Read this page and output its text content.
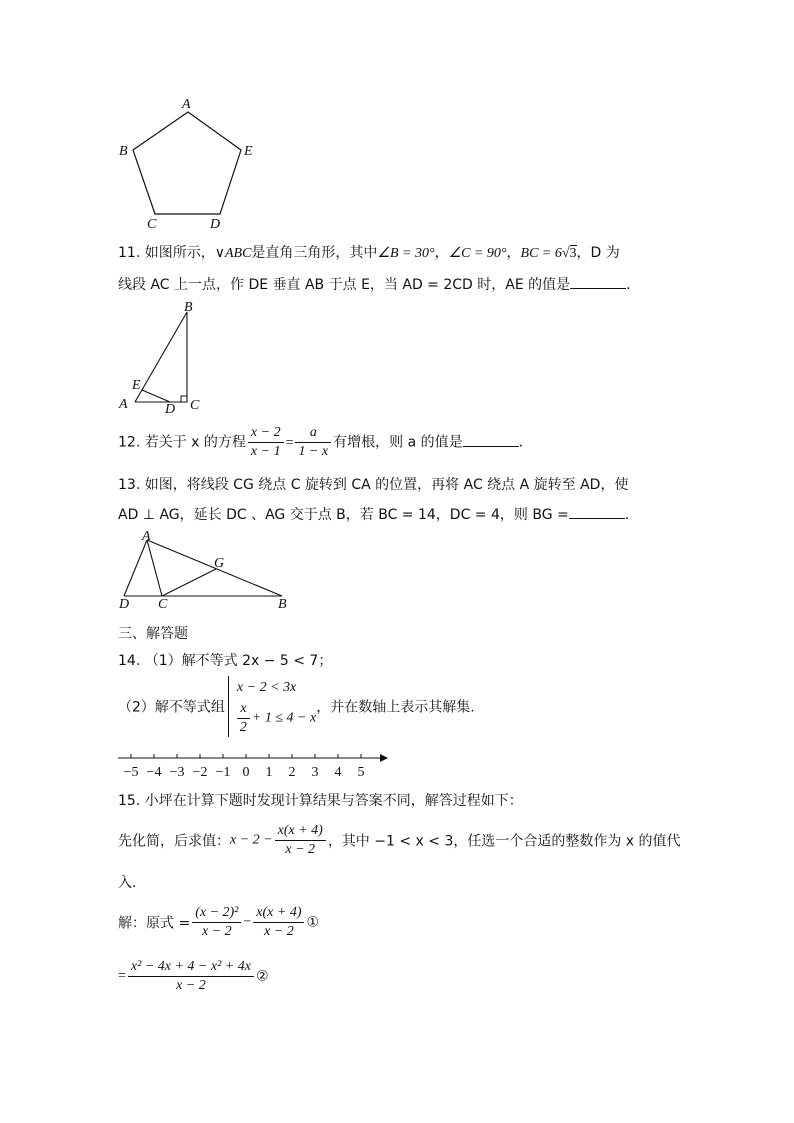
A
B	E
C	D
11. 如图所示，∨ABC是直角三角形，其中∠B = 30°，∠C = 90°，BC = 6√3，D 为
线段 AC 上一点，作 DE 垂直 AB 于点 E，当 AD = 2CD 时，AE 的值是	.
B
E
A	D C
12. 若关于 x 的方程 $\frac{x - 2}{x - 1} = \frac{a}{1 - x}$ 有增根，则 a 的值是	.
13. 如图，将线段 CG 绕点 C 旋转到 CA 的位置，再将 AC 绕点 A 旋转至 AD，使
AD ⊥ AG，延长 DC 、AG 交于点 B，若 BC = 14，DC = 4，则 BG =	.
A
G
D C	B
三、解答题
14. （1）解不等式 2x − 5 < 7；
（2）解不等式组
x − 2 < 3x
$\frac{x}{2} + 1 \le 4 - x$
，并在数轴上表示其解集.
−5 −4 −3 −2 −1 0 1 2 3 4 5
15. 小坪在计算下题时发现计算结果与答案不同，解答过程如下：
先化简，后求值：$x - 2 - \frac{x(x + 4)}{x - 2}$ ，其中 −1 < x < 3，任选一个合适的整数作为 x 的值代
入.
解：原式 = $\frac{\text{(x − 2)²}}{x - 2} - \frac{x(x + 4)}{x - 2}$ ①
= $\frac{\text{x² − 4x + 4 − x² + 4x}}{x - 2}$ ②
